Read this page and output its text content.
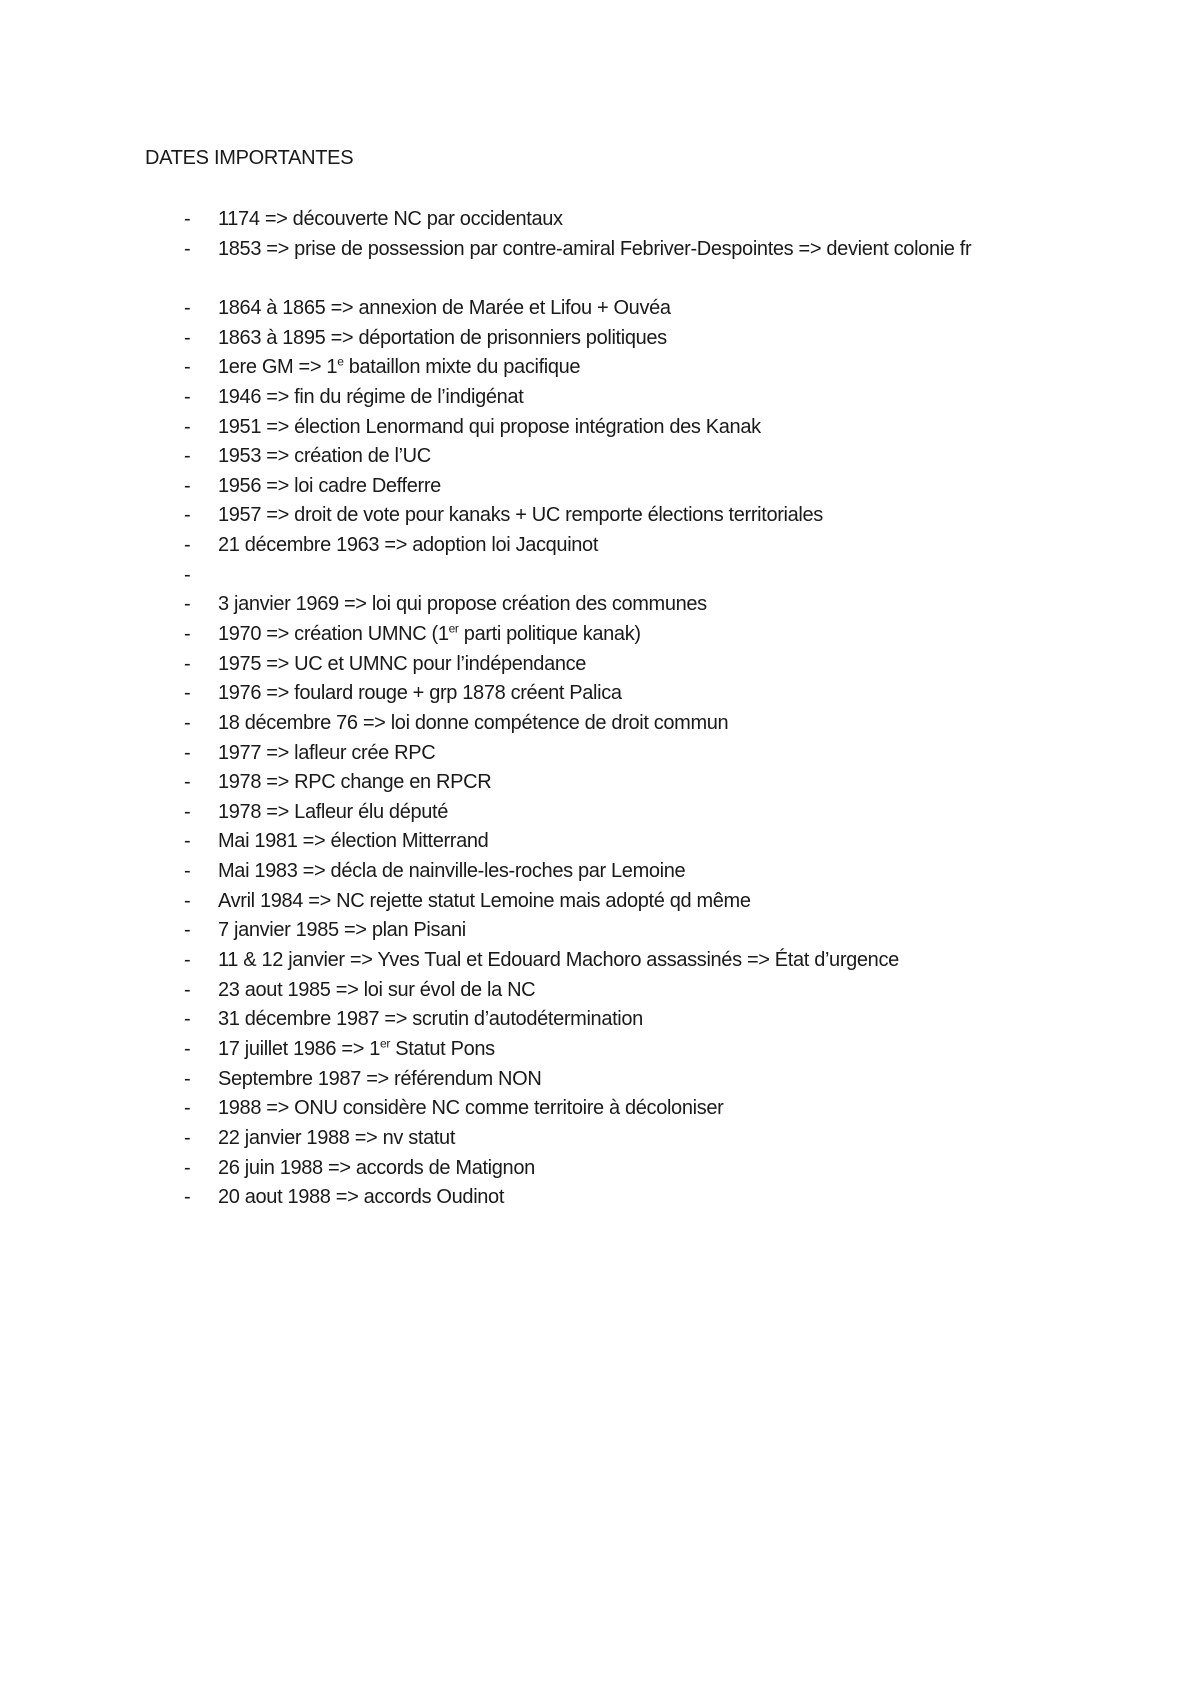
DATES IMPORTANTES
- 1174 => découverte NC par occidentaux
- 1853 => prise de possession par contre-amiral Febriver-Despointes => devient colonie fr
- 1864 à 1865 => annexion de Marée et Lifou + Ouvéa
- 1863 à 1895 => déportation de prisonniers politiques
- 1ere GM => $1^e$ bataillon mixte du pacifique
- 1946 => fin du régime de l’indigénat
- 1951 => élection Lenormand qui propose intégration des Kanak
- 1953 => création de l’UC
- 1956 => loi cadre Defferre
- 1957 => droit de vote pour kanaks + UC remporte élections territoriales
- 21 décembre 1963 => adoption loi Jacquinot
-
- 3 janvier 1969 => loi qui propose création des communes
- 1970 => création UMNC (1er parti politique kanak)
- 1975 => UC et UMNC pour l’indépendance
- 1976 => foulard rouge + grp 1878 créent Palica
- 18 décembre 76 => loi donne compétence de droit commun
- 1977 => lafleur crée RPC
- 1978 => RPC change en RPCR
- 1978 => Lafleur élu député
- Mai 1981 => élection Mitterrand
- Mai 1983 => décla de nainville-les-roches par Lemoine
- Avril 1984 => NC rejette statut Lemoine mais adopté qd même
- 7 janvier 1985 => plan Pisani
- 11 & 12 janvier => Yves Tual et Edouard Machoro assassinés => État d’urgence
- 23 aout 1985 => loi sur évol de la NC
- 31 décembre 1987 => scrutin d’autodétermination
- 17 juillet 1986 => 1er Statut Pons
- Septembre 1987 => référendum NON
- 1988 => ONU considère NC comme territoire à décoloniser
- 22 janvier 1988 => nv statut
- 26 juin 1988 => accords de Matignon
- 20 aout 1988 => accords Oudinot
